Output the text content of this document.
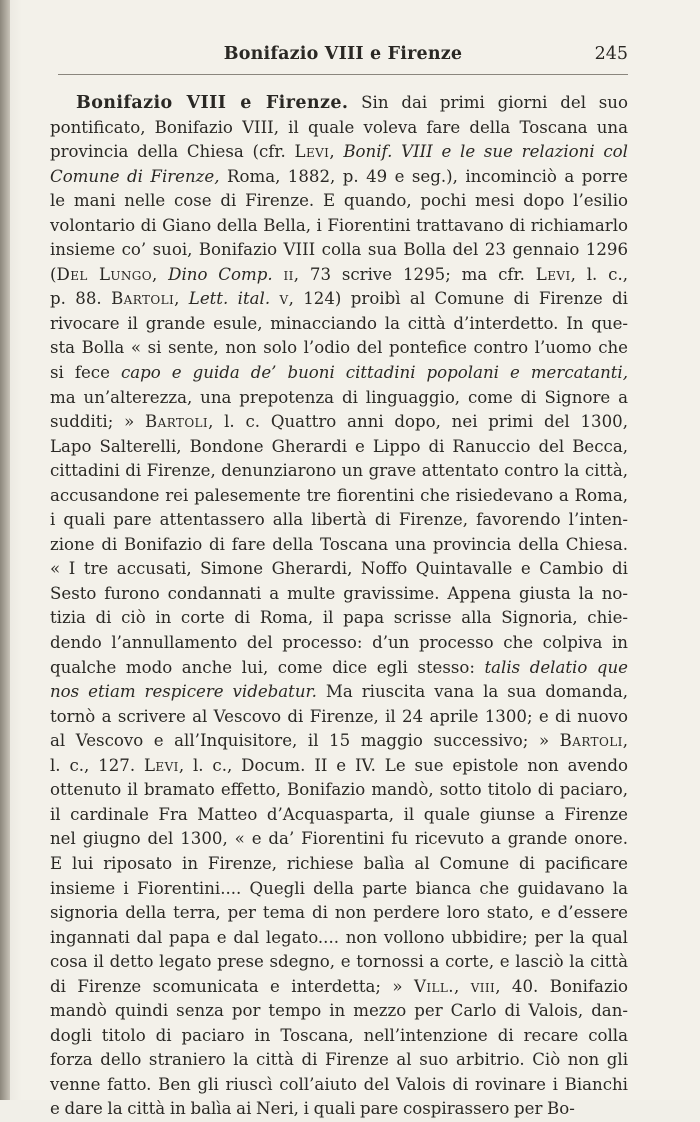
Bonifazio VIII e Firenze	245
Bonifazio VIII e Firenze. Sin dai primi giorni del suo
pontificato, Bonifazio VIII, il quale voleva fare della Toscana una
provincia della Chiesa (cfr. Levi, Bonif. VIII e le sue relazioni col
Comune di Firenze, Roma, 1882, p. 49 e seg.), incominciò a porre
le mani nelle cose di Firenze. E quando, pochi mesi dopo l’esilio
volontario di Giano della Bella, i Fiorentini trattavano di richiamarlo
insieme co’ suoi, Bonifazio VIII colla sua Bolla del 23 gennaio 1296
(Del Lungo, Dino Comp. ii, 73 scrive 1295; ma cfr. Levi, l. c.,
p. 88. Bartoli, Lett. ital. v, 124) proibì al Comune di Firenze di
rivocare il grande esule, minacciando la città d’interdetto. In que-
sta Bolla « si sente, non solo l’odio del pontefice contro l’uomo che
si fece capo e guida de’ buoni cittadini popolani e mercatanti,
ma un’alterezza, una prepotenza di linguaggio, come di Signore a
sudditi; » Bartoli, l. c. Quattro anni dopo, nei primi del 1300,
Lapo Salterelli, Bondone Gherardi e Lippo di Ranuccio del Becca,
cittadini di Firenze, denunziarono un grave attentato contro la città,
accusandone rei palesemente tre fiorentini che risiedevano a Roma,
i quali pare attentassero alla libertà di Firenze, favorendo l’inten-
zione di Bonifazio di fare della Toscana una provincia della Chiesa.
« I tre accusati, Simone Gherardi, Noffo Quintavalle e Cambio di
Sesto furono condannati a multe gravissime. Appena giusta la no-
tizia di ciò in corte di Roma, il papa scrisse alla Signoria, chie-
dendo l’annullamento del processo: d’un processo che colpiva in
qualche modo anche lui, come dice egli stesso: talis delatio que
nos etiam respicere videbatur. Ma riuscita vana la sua domanda,
tornò a scrivere al Vescovo di Firenze, il 24 aprile 1300; e di nuovo
al Vescovo e all’Inquisitore, il 15 maggio successivo; » Bartoli,
l. c., 127. Levi, l. c., Docum. II e IV. Le sue epistole non avendo
ottenuto il bramato effetto, Bonifazio mandò, sotto titolo di paciaro,
il cardinale Fra Matteo d’Acquasparta, il quale giunse a Firenze
nel giugno del 1300, « e da’ Fiorentini fu ricevuto a grande onore.
E lui riposato in Firenze, richiese balìa al Comune di pacificare
insieme i Fiorentini.... Quegli della parte bianca che guidavano la
signoria della terra, per tema di non perdere loro stato, e d’essere
ingannati dal papa e dal legato.... non vollono ubbidire; per la qual
cosa il detto legato prese sdegno, e tornossi a corte, e lasciò la città
di Firenze scomunicata e interdetta; » Vill., viii, 40. Bonifazio
mandò quindi senza por tempo in mezzo per Carlo di Valois, dan-
dogli titolo di paciaro in Toscana, nell’intenzione di recare colla
forza dello straniero la città di Firenze al suo arbitrio. Ciò non gli
venne fatto. Ben gli riuscì coll’aiuto del Valois di rovinare i Bianchi
e dare la città in balìa ai Neri, i quali pare cospirassero per Bo-
